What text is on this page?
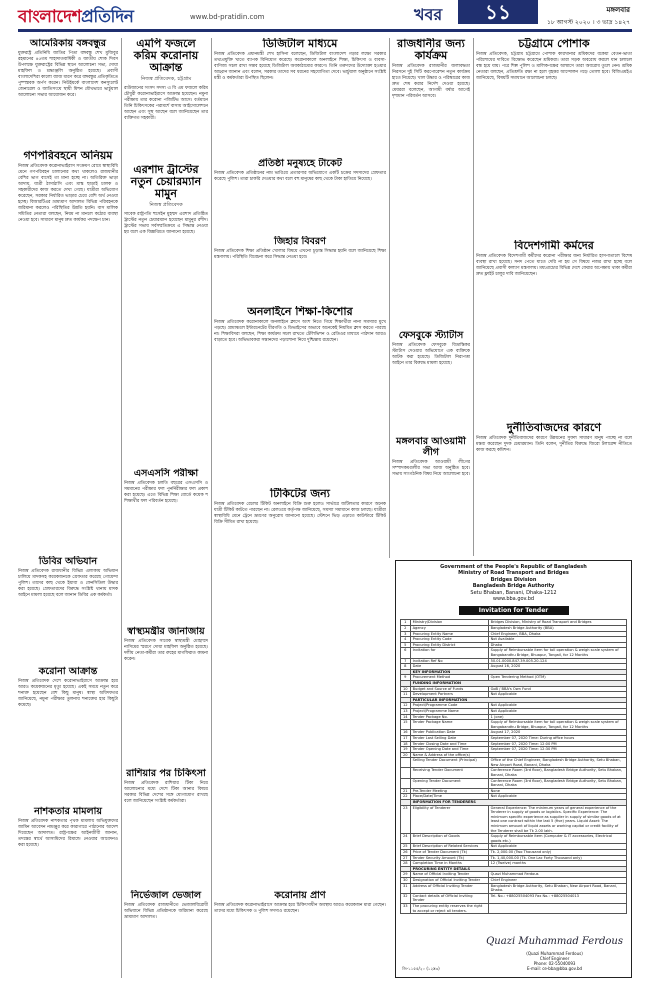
বাংলাদেশপ্রতিদিন	www.bd-pratidin.com	খবর	১১	মঙ্গলবার
১৮ আগস্ট ২০২০ । ৩ ভাদ্র ১৪২৭
আমেরিকায় বঙ্গবন্ধুর

যুক্তরাষ্ট্র প্রতিনিধি জাতির পিতা বঙ্গবন্ধু শেখ মুজিবুর রহমানের ৪৫তম শাহাদাতবার্ষিকী ও জাতীয় শোক দিবস উপলক্ষে যুক্তরাষ্ট্রের বিভিন্ন স্থানে আলোচনা সভা, দোয়া মাহফিল ও শ্রদ্ধাঞ্জলি অনুষ্ঠিত হয়েছে। প্রবাসী বাংলাদেশিরা কালো ব্যাজ ধারণ করে বঙ্গবন্ধুর প্রতিকৃতিতে পুষ্পস্তবক অর্পণ করেন। নিউইয়র্কে বাংলাদেশ কনস্যুলেট জেনারেল ও জাতিসংঘে স্থায়ী মিশন যৌথভাবে ভার্চুয়াল আলোচনা সভার আয়োজন করে।

গণপরিবহনে অনিয়ম

নিজস্ব প্রতিবেদক করোনাভাইরাস সংক্রমণ রোধে স্বাস্থ্যবিধি মেনে গণপরিবহন চালানোর কথা থাকলেও রাজধানীর বেশির ভাগ বাসেই তা মানা হচ্ছে না। অতিরিক্ত ভাড়া আদায়, যাত্রী ঠাসাঠাসি এবং মাস্ক ছাড়াই চালক ও সহকারীদের কাজ করতে দেখা গেছে। যাত্রীরা অভিযোগ করেছেন, সরকার নির্ধারিত ভাড়ার চেয়ে বেশি অর্থ নেওয়া হচ্ছে। বিআরটিএর ভ্রাম্যমাণ আদালত বিভিন্ন পরিবহনকে জরিমানা করলেও পরিস্থিতির উন্নতি হয়নি। বাস মালিক সমিতির নেতারা বলছেন, নিয়ম না মানলে কঠোর ব্যবস্থা নেওয়া হবে। সাধারণ মানুষ দ্রুত কার্যকর পদক্ষেপ চান।

ডিবির অভিযান

নিজস্ব প্রতিবেদক রাজধানীর বিভিন্ন এলাকায় অভিযান চালিয়ে মাদকসহ কয়েকজনকে গ্রেফতার করেছে গোয়েন্দা পুলিশ। তাদের কাছ থেকে ইয়াবা ও ফেনসিডিল উদ্ধার করা হয়েছে। গ্রেফতারদের বিরুদ্ধে সংশ্লিষ্ট থানায় মাদক আইনে মামলা হয়েছে বলে জানান ডিবির এক কর্মকর্তা।

করোনা আক্রান্ত

নিজস্ব প্রতিবেদক দেশে করোনাভাইরাসে আক্রান্ত হয়ে আরও কয়েকজনের মৃত্যু হয়েছে। একই সময়ে নতুন করে শনাক্ত হয়েছেন বেশ কিছু মানুষ। স্বাস্থ্য অধিদফতর জানিয়েছে, নমুনা পরীক্ষার তুলনায় শনাক্তের হার কিছুটা কমেছে।

নাশকতার মামলায়

নিজস্ব প্রতিবেদক নাশকতার পৃথক মামলায় অভিযুক্তদের জামিন আবেদন নামঞ্জুর করে কারাগারে পাঠানোর আদেশ দিয়েছেন আদালত। রাষ্ট্রপক্ষের আইনজীবী জানান, তদন্তের স্বার্থে আসামিদের রিমান্ডে নেওয়ার আবেদনও করা হয়েছে।

এমপি ফজলে করিম করোনায় আক্রান্ত
নিজস্ব প্রতিবেদক, চট্টগ্রাম

রাউজানের সংসদ সদস্য এ বি এম ফজলে করিম চৌধুরী করোনাভাইরাসে আক্রান্ত হয়েছেন। নমুনা পরীক্ষায় তার করোনা পজিটিভ আসে। বর্তমানে তিনি চিকিৎসকের পরামর্শে বাসায় আইসোলেশনে আছেন এবং সুস্থ আছেন বলে জানিয়েছেন তার ব্যক্তিগত সহকারী।

এরশাদ ট্রাস্টের নতুন চেয়ারম্যান মামুন
নিজস্ব প্রতিবেদক

সাবেক রাষ্ট্রপতি হুসেইন মুহম্মদ এরশাদ প্রতিষ্ঠিত ট্রাস্টের নতুন চেয়ারম্যান হয়েছেন মামুনুর রশীদ। ট্রাস্টের সভায় সর্বসম্মতিক্রমে এ সিদ্ধান্ত নেওয়া হয় বলে এক বিজ্ঞপ্তিতে জানানো হয়েছে।

এসএসসি পরীক্ষা

নিজস্ব প্রতিবেদক চলতি বছরের এসএসসি ও সমমানের পরীক্ষার ফল পুনর্নিরীক্ষার ফল প্রকাশ করা হয়েছে। এতে বিভিন্ন শিক্ষা বোর্ডে কয়েক শ শিক্ষার্থীর ফল পরিবর্তন হয়েছে।

স্বাস্থ্যমন্ত্রীর জানাজায়

নিজস্ব প্রতিবেদক সাবেক স্বাস্থ্যমন্ত্রী মোহাম্মদ নাসিমের স্মরণে দোয়া মাহফিল অনুষ্ঠিত হয়েছে। দলীয় নেতা-কর্মীরা তার রুহের মাগফিরাত কামনা করেন।

রাশিয়ার পর চিকিৎসা

নিজস্ব প্রতিবেদক রাশিয়ার টিকা নিয়ে আলোচনার মধ্যে দেশে টিকা আনার বিষয়ে সরকার বিভিন্ন দেশের সঙ্গে যোগাযোগ রাখছে বলে জানিয়েছেন সংশ্লিষ্ট কর্মকর্তারা।

নির্ভেজাল ভেজাল

নিজস্ব প্রতিবেদক রাজধানীতে ভেজালবিরোধী অভিযানে বিভিন্ন প্রতিষ্ঠানকে জরিমানা করেছে ভ্রাম্যমাণ আদালত।

ডিজিটাল মাধ্যমে

নিজস্ব প্রতিবেদক প্রধানমন্ত্রী শেখ হাসিনা বলেছেন, ডিজিটাল বাংলাদেশ গড়ার লক্ষ্যে সরকার তথ্যপ্রযুক্তি খাতে ব্যাপক বিনিয়োগ করেছে। করোনাকালে অনলাইনে শিক্ষা, চিকিৎসা ও ব্যবসা-বাণিজ্য সচল রাখা সম্ভব হয়েছে ডিজিটাল অবকাঠামোর কারণে। তিনি তরুণদের উদ্যোক্তা হওয়ার আহ্বান জানান এবং বলেন, সরকার তাদের সব ধরনের সহযোগিতা দেবে। ভার্চুয়াল অনুষ্ঠানে সংশ্লিষ্ট মন্ত্রী ও কর্মকর্তারা উপস্থিত ছিলেন।

প্রতিষ্ঠা মনুষ্যহে টাকেট

নিজস্ব প্রতিবেদক প্রতিষ্ঠানের নাম ভাঙিয়ে প্রতারণার অভিযোগে একটি চক্রের সদস্যদের গ্রেফতার করেছে পুলিশ। তারা চাকরি দেওয়ার কথা বলে বহু মানুষের কাছ থেকে টাকা হাতিয়ে নিয়েছে।

জিহার বিবরণ

নিজস্ব প্রতিবেদক শিক্ষা প্রতিষ্ঠান খোলার বিষয়ে এখনো চূড়ান্ত সিদ্ধান্ত হয়নি বলে জানিয়েছে শিক্ষা মন্ত্রণালয়। পরিস্থিতি বিবেচনা করে সিদ্ধান্ত নেওয়া হবে।

অনলাইনে শিক্ষা-কিশোর

নিজস্ব প্রতিবেদক করোনাকালে অনলাইনে ক্লাসে অংশ নিতে গিয়ে শিক্ষার্থীরা নানা সমস্যার মুখে পড়ছে। গ্রামাঞ্চলে ইন্টারনেটের ধীরগতি ও ডিভাইসের অভাবে অনেকেই নিয়মিত ক্লাস করতে পারছে না। শিক্ষাবিদরা বলছেন, শিক্ষা কার্যক্রম সচল রাখতে টেলিভিশন ও রেডিওর মাধ্যমে পাঠদান আরও বাড়াতে হবে। অভিভাবকরা সন্তানদের পড়াশোনা নিয়ে দুশ্চিন্তায় রয়েছেন।

টিকিটের জন্য

নিজস্ব প্রতিবেদক রেলের টিকিট অনলাইনে বিক্রি শুরু হলেও সার্ভারে জটিলতার কারণে অনেক যাত্রী টিকিট কাটতে পারছেন না। রেলওয়ে কর্তৃপক্ষ জানিয়েছে, সমস্যা সমাধানে কাজ চলছে। যাত্রীরা স্বাস্থ্যবিধি মেনে ট্রেনে ভ্রমণের অনুরোধ জানানো হয়েছে। স্টেশনে ভিড় এড়াতে কাউন্টারে টিকিট বিক্রি সীমিত রাখা হয়েছে।

করোনায় প্রাণ

নিজস্ব প্রতিবেদক করোনাভাইরাসে আক্রান্ত হয়ে চিকিৎসাধীন অবস্থায় আরও কয়েকজন মারা গেছেন। তাদের মধ্যে চিকিৎসক ও পুলিশ সদস্যও রয়েছেন।

রাজধানীর জন্য কার্যক্রম

নিজস্ব প্রতিবেদক রাজধানীর জলাবদ্ধতা নিরসনে দুই সিটি করপোরেশন নতুন কার্যক্রম হাতে নিয়েছে। খাল উদ্ধার ও পরিষ্কারের কাজ দ্রুত শেষ করার নির্দেশ দেওয়া হয়েছে। মেয়ররা বলেছেন, আগামী বর্ষার আগেই দৃশ্যমান পরিবর্তন আসবে।

ফেসবুকে স্ট্যাটাস

নিজস্ব প্রতিবেদক ফেসবুকে বিভ্রান্তিকর স্ট্যাটাস দেওয়ার অভিযোগে এক ব্যক্তিকে আটক করা হয়েছে। ডিজিটাল নিরাপত্তা আইনে তার বিরুদ্ধে মামলা হয়েছে।

মঙ্গলবার আওয়ামী লীগ

নিজস্ব প্রতিবেদক আওয়ামী লীগের সম্পাদকমণ্ডলীর সভা আজ অনুষ্ঠিত হবে। সভায় সাংগঠনিক বিষয় নিয়ে আলোচনা হবে।

চট্টগ্রামে পোশাক

নিজস্ব প্রতিবেদক, চট্টগ্রাম চট্টগ্রামে পোশাক কারখানার শ্রমিকদের বকেয়া বেতন-ভাতা পরিশোধের দাবিতে বিক্ষোভ করেছেন শ্রমিকরা। তারা সড়ক অবরোধ করলে যান চলাচল বন্ধ হয়ে যায়। পরে শিল্প পুলিশ ও মালিকপক্ষের আশ্বাসে তারা অবরোধ তুলে নেন। শ্রমিক নেতারা বলছেন, প্রতিশ্রুতি রক্ষা না হলে বৃহত্তর আন্দোলন গড়ে তোলা হবে। বিজিএমইএ জানিয়েছে, বিষয়টি সমাধানে আলোচনা চলছে।

বিদেশগামী কর্মদের

নিজস্ব প্রতিবেদক বিদেশগামী কর্মীদের করোনা পরীক্ষার জন্য নির্ধারিত হাসপাতালে বিশেষ ব্যবস্থা রাখা হয়েছে। সনদ পেতে যাতে দেরি না হয় সে বিষয়ে নজর রাখা হচ্ছে বলে জানিয়েছে প্রবাসী কল্যাণ মন্ত্রণালয়। মধ্যপ্রাচ্যের বিভিন্ন দেশে ফেরার অপেক্ষায় থাকা কর্মীরা দ্রুত ফ্লাইট চালুর দাবি জানিয়েছেন।

দুর্নীতিবাজদের কারণে

নিজস্ব প্রতিবেদক দুর্নীতিবাজদের কারণে উন্নয়নের সুফল সাধারণ মানুষ পাচ্ছে না বলে মন্তব্য করেছেন দুদক চেয়ারম্যান। তিনি বলেন, দুর্নীতির বিরুদ্ধে জিরো টলারেন্স নীতিতে কাজ করছে কমিশন।

Government of the People's Republic of Bangladesh
Ministry of Road Transport and Bridges
Bridges Division
Bangladesh Bridge Authority
Setu Bhaban, Banani, Dhaka-1212
www.bba.gov.bd
Invitation for Tender
1	Ministry/Division	Bridges Division, Ministry of Road Transport and Bridges
2	Agency	Bangladesh Bridge Authority (BBA)
3	Procuring Entity Name	Chief Engineer, BBA, Dhaka
4	Procuring Entity Code	Not Available
5	Procuring Entity District	Dhaka
6	Invitation for	Supply of Reimbursable item for toll operation & weigh scale system of Bangabandhu Bridge, Bhuapur, Tangail, for 12 Months
7	Invitation Ref No	50.01.0000.847.39.005.20-124
8	Date	August 16, 2020
	KEY INFORMATION	
9	Procurement Method	Open Tendering Method (OTM)
	FUNDING INFORMATION	
10	Budget and Source of Funds	GoB / BBA's Own Fund
11	Development Partners	Not Applicable
	PARTICULAR INFORMATION	
12	Project/Programme Code	Not Applicable
13	Project/Programme Name	Not Applicable
14	Tender Package No.	1 (one)
15	Tender Package Name	Supply of Reimbursable item for toll operation & weigh scale system of Bangabandhu Bridge, Bhuapur, Tangail, for 12 Months
16	Tender Publication Date	August 17, 2020
17	Tender Last Selling Date	September 07, 2020 Time: During office hours
18	Tender Closing Date and Time	September 07, 2020 Time: 12:00 PM
19	Tender Opening Date and Time	September 07, 2020 Time: 12:30 PM
20	Name & Address of the office(s)	
	Selling Tender Document (Principal)	Office of the Chief Engineer, Bangladesh Bridge Authority, Setu Bhaban, New Airport Road, Banani, Dhaka
	Receiving Tender Document	Conference Room (3rd floor), Bangladesh Bridge Authority, Setu Bhaban, Banani, Dhaka
	Opening Tender Document	Conference Room (3rd floor), Bangladesh Bridge Authority, Setu Bhaban, Banani, Dhaka
21	Pre-Tender Meeting	None
22	Place/Date/Time	Not Applicable
	INFORMATION FOR TENDERERS	
23	Eligibility of Tenderer	General Experience: The minimum years of general experience of the Tenderer in supply of goods or logistics. Specific Experience: The minimum specific experience as supplier in supply of similar goods of at least one contract within the last 5 (five) years. Liquid Asset: The minimum amount of liquid assets or working capital or credit facility of the Tenderer shall be Tk 2.00 lakh.
24	Brief Description of Goods	Supply of Reimbursable item (Computer & IT accessories, Electrical goods etc.)
25	Brief Description of Related Services	Not Applicable
26	Price of Tender Document (Tk)	Tk. 2,000.00 (Two Thousand only)
27	Tender Security Amount (Tk)	Tk. 1,40,000.00 (Tk. One Lac Forty Thousand only)
28	Completion Time in Months	12 (Twelve) months
	PROCURING ENTITY DETAILS	
29	Name of Official Inviting Tender	Quazi Muhammad Ferdous
30	Designation of Official Inviting Tender	Chief Engineer
31	Address of Official Inviting Tender	Bangladesh Bridge Authority, Setu Bhaban, New Airport Road, Banani, Dhaka.
32	Contact details of Official Inviting Tender	Tel. No.: +88025504093 Fax No.: +88025504013
33	The procuring entity reserves the right to accept or reject all tenders.	
জি-১১৫৫/২০ (১২x৩)
Quazi Muhammad Ferdous
(Quazi Muhammad Ferdous)
Chief Engineer
Phone: 02-55040093
E-mail: ce-bba@bba.gov.bd
